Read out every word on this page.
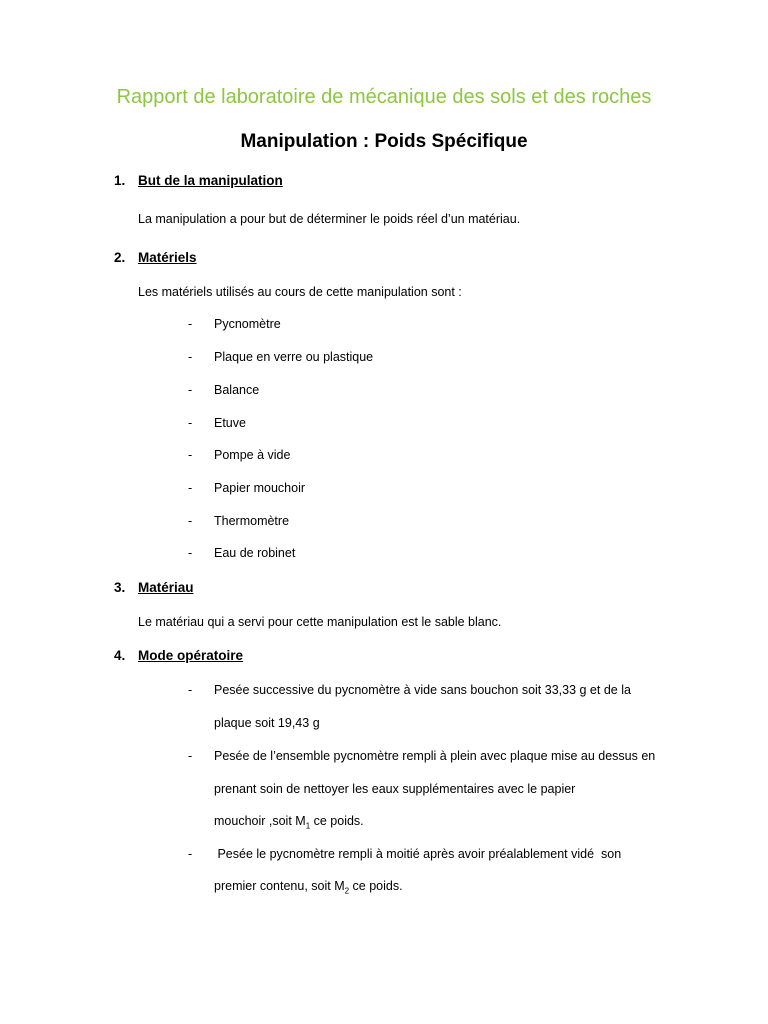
Rapport de laboratoire de mécanique des sols et des roches
Manipulation : Poids Spécifique
1. But de la manipulation
La manipulation a pour but de déterminer le poids réel d’un matériau.
2. Matériels
Les matériels utilisés au cours de cette manipulation sont :
- Pycnomètre
- Plaque en verre ou plastique
- Balance
- Etuve
- Pompe à vide
- Papier mouchoir
- Thermomètre
- Eau de robinet
3. Matériau
Le matériau qui a servi pour cette manipulation est le sable blanc.
4. Mode opératoire
- Pesée successive du pycnomètre à vide sans bouchon soit 33,33 g et de la
plaque soit 19,43 g
- Pesée de l’ensemble pycnomètre rempli à plein avec plaque mise au dessus en
prenant soin de nettoyer les eaux supplémentaires avec le papier
mouchoir ,soit $M_1$ ce poids.
- Pesée le pycnomètre rempli à moitié après avoir préalablement vidé  son
premier contenu, soit $M_2$ ce poids.
